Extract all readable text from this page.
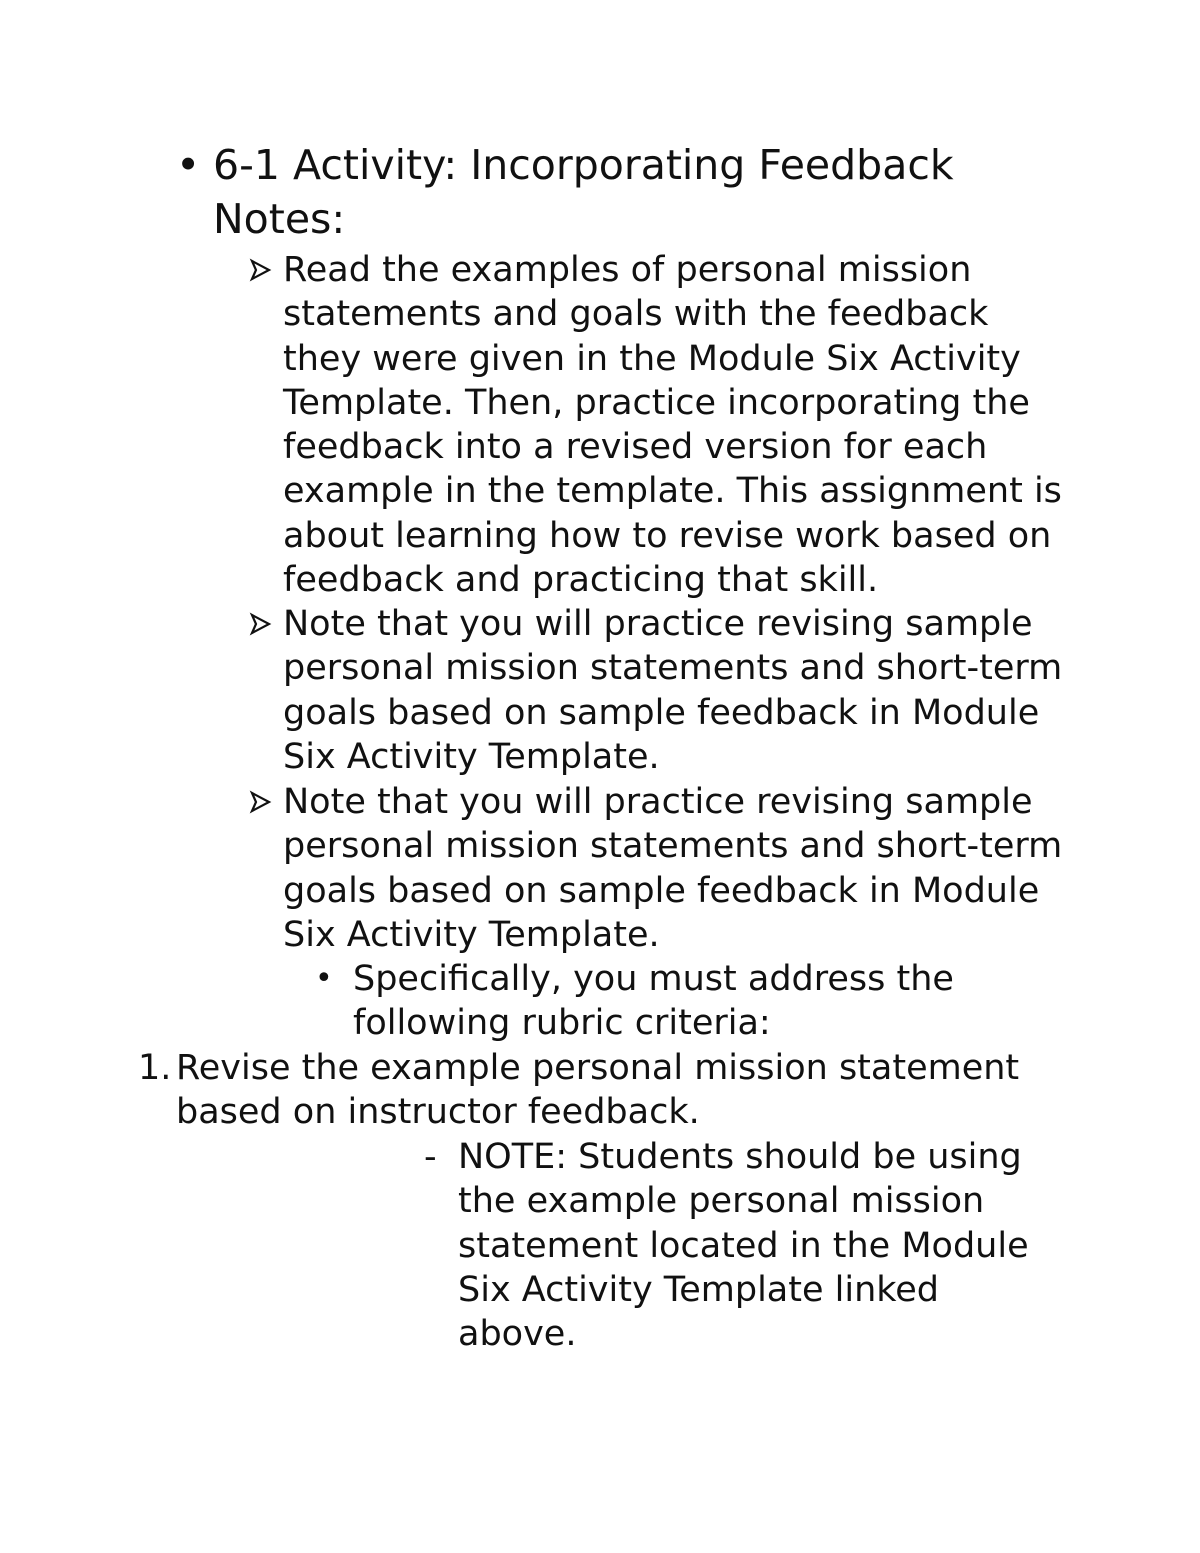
• 6-1 Activity: Incorporating Feedback Notes:
Read the examples of personal mission statements and goals with the feedback they were given in the Module Six Activity Template. Then, practice incorporating the feedback into a revised version for each example in the template. This assignment is about learning how to revise work based on feedback and practicing that skill.
Note that you will practice revising sample personal mission statements and short-term goals based on sample feedback in Module Six Activity Template.
Note that you will practice revising sample personal mission statements and short-term goals based on sample feedback in Module Six Activity Template.
• Specifically, you must address the following rubric criteria:
1. Revise the example personal mission statement based on instructor feedback.
- NOTE: Students should be using the example personal mission statement located in the Module Six Activity Template linked above.
